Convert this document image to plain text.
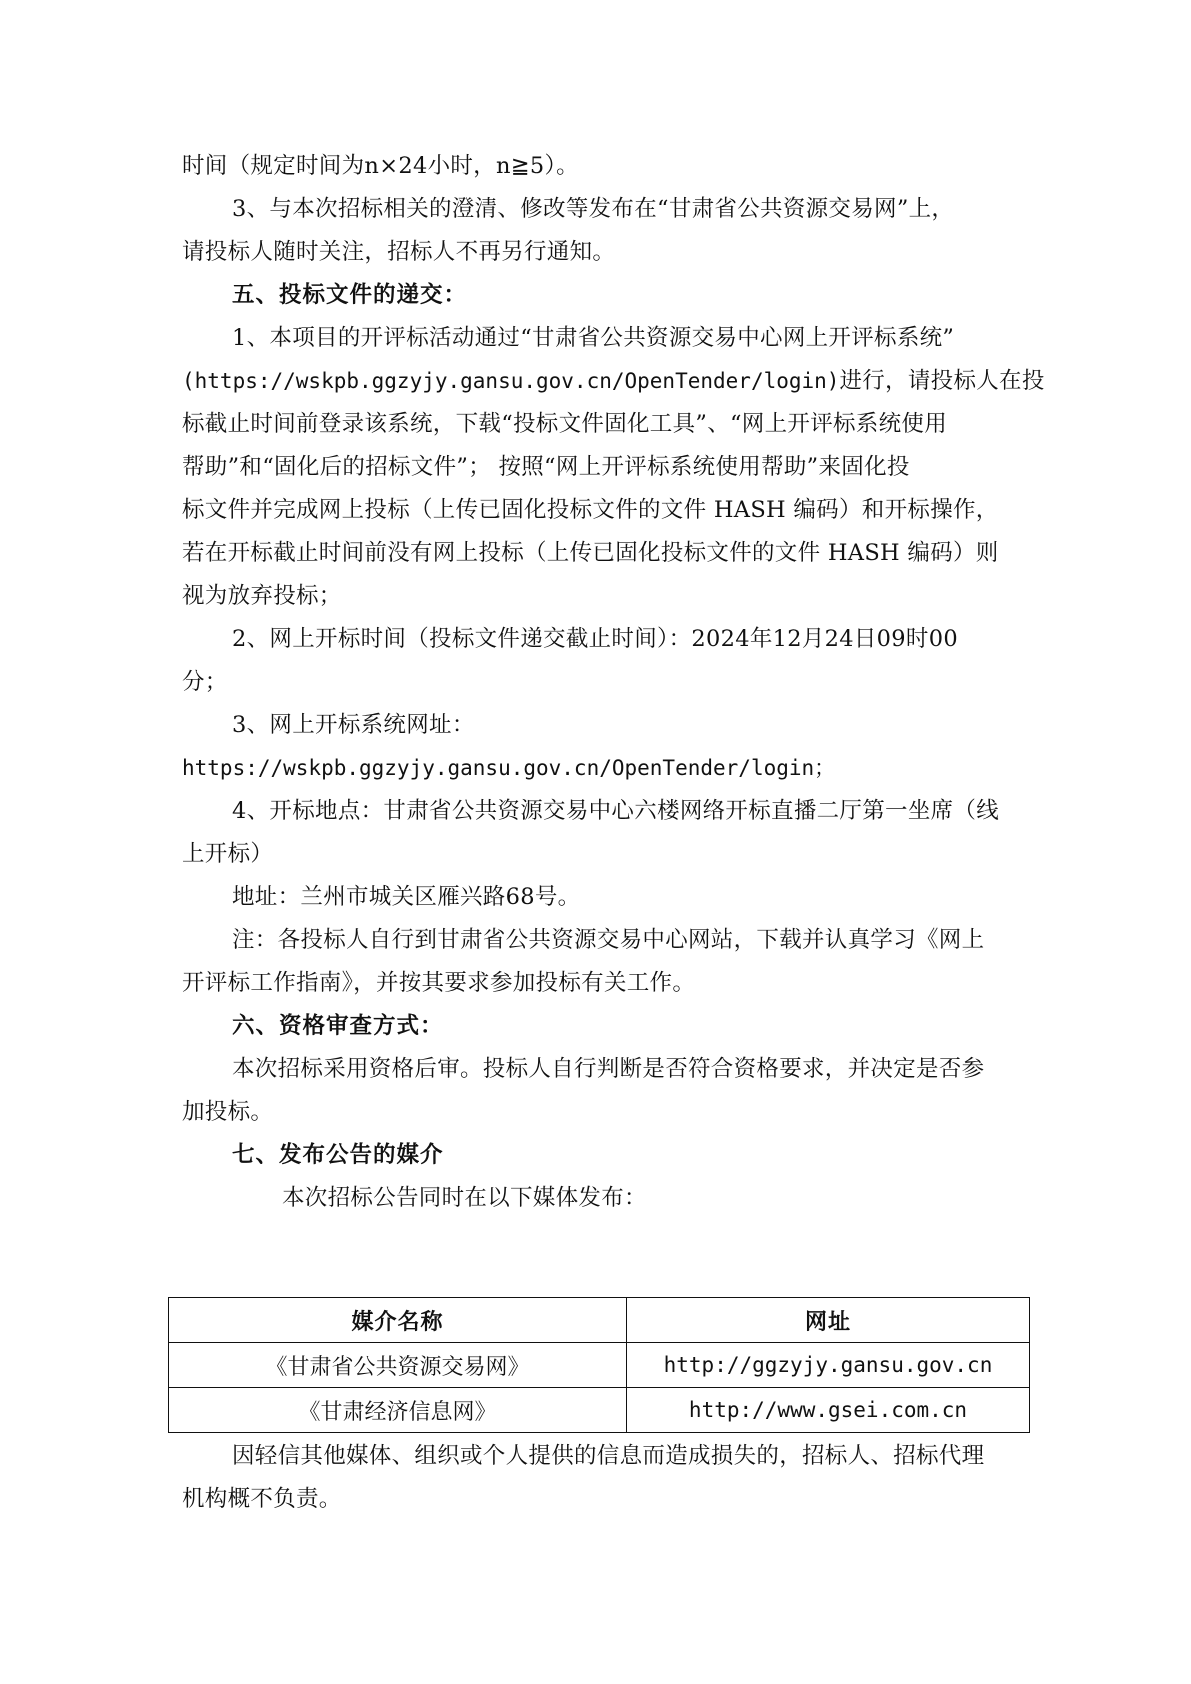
时间（规定时间为n×24小时，n≧5）。
3、与本次招标相关的澄清、修改等发布在“甘肃省公共资源交易网”上，
请投标人随时关注，招标人不再另行通知。
五、投标文件的递交：
1、本项目的开评标活动通过“甘肃省公共资源交易中心网上开评标系统”
(https://wskpb.ggzyjy.gansu.gov.cn/OpenTender/login)进行，请投标人在投
标截止时间前登录该系统，下载“投标文件固化工具”、“网上开评标系统使用
帮助”和“固化后的招标文件”； 按照“网上开评标系统使用帮助”来固化投
标文件并完成网上投标（上传已固化投标文件的文件 HASH 编码）和开标操作，
若在开标截止时间前没有网上投标（上传已固化投标文件的文件 HASH 编码）则
视为放弃投标；
2、网上开标时间（投标文件递交截止时间）：2024年12月24日09时00
分；
3、网上开标系统网址：
https://wskpb.ggzyjy.gansu.gov.cn/OpenTender/login；
4、开标地点：甘肃省公共资源交易中心六楼网络开标直播二厅第一坐席（线
上开标）
地址：兰州市城关区雁兴路68号。
注：各投标人自行到甘肃省公共资源交易中心网站，下载并认真学习《网上
开评标工作指南》，并按其要求参加投标有关工作。
六、资格审查方式：
本次招标采用资格后审。投标人自行判断是否符合资格要求，并决定是否参
加投标。
七、发布公告的媒介
本次招标公告同时在以下媒体发布：
媒介名称	网址
《甘肃省公共资源交易网》	http://ggzyjy.gansu.gov.cn
《甘肃经济信息网》	http://www.gsei.com.cn
因轻信其他媒体、组织或个人提供的信息而造成损失的，招标人、招标代理
机构概不负责。
